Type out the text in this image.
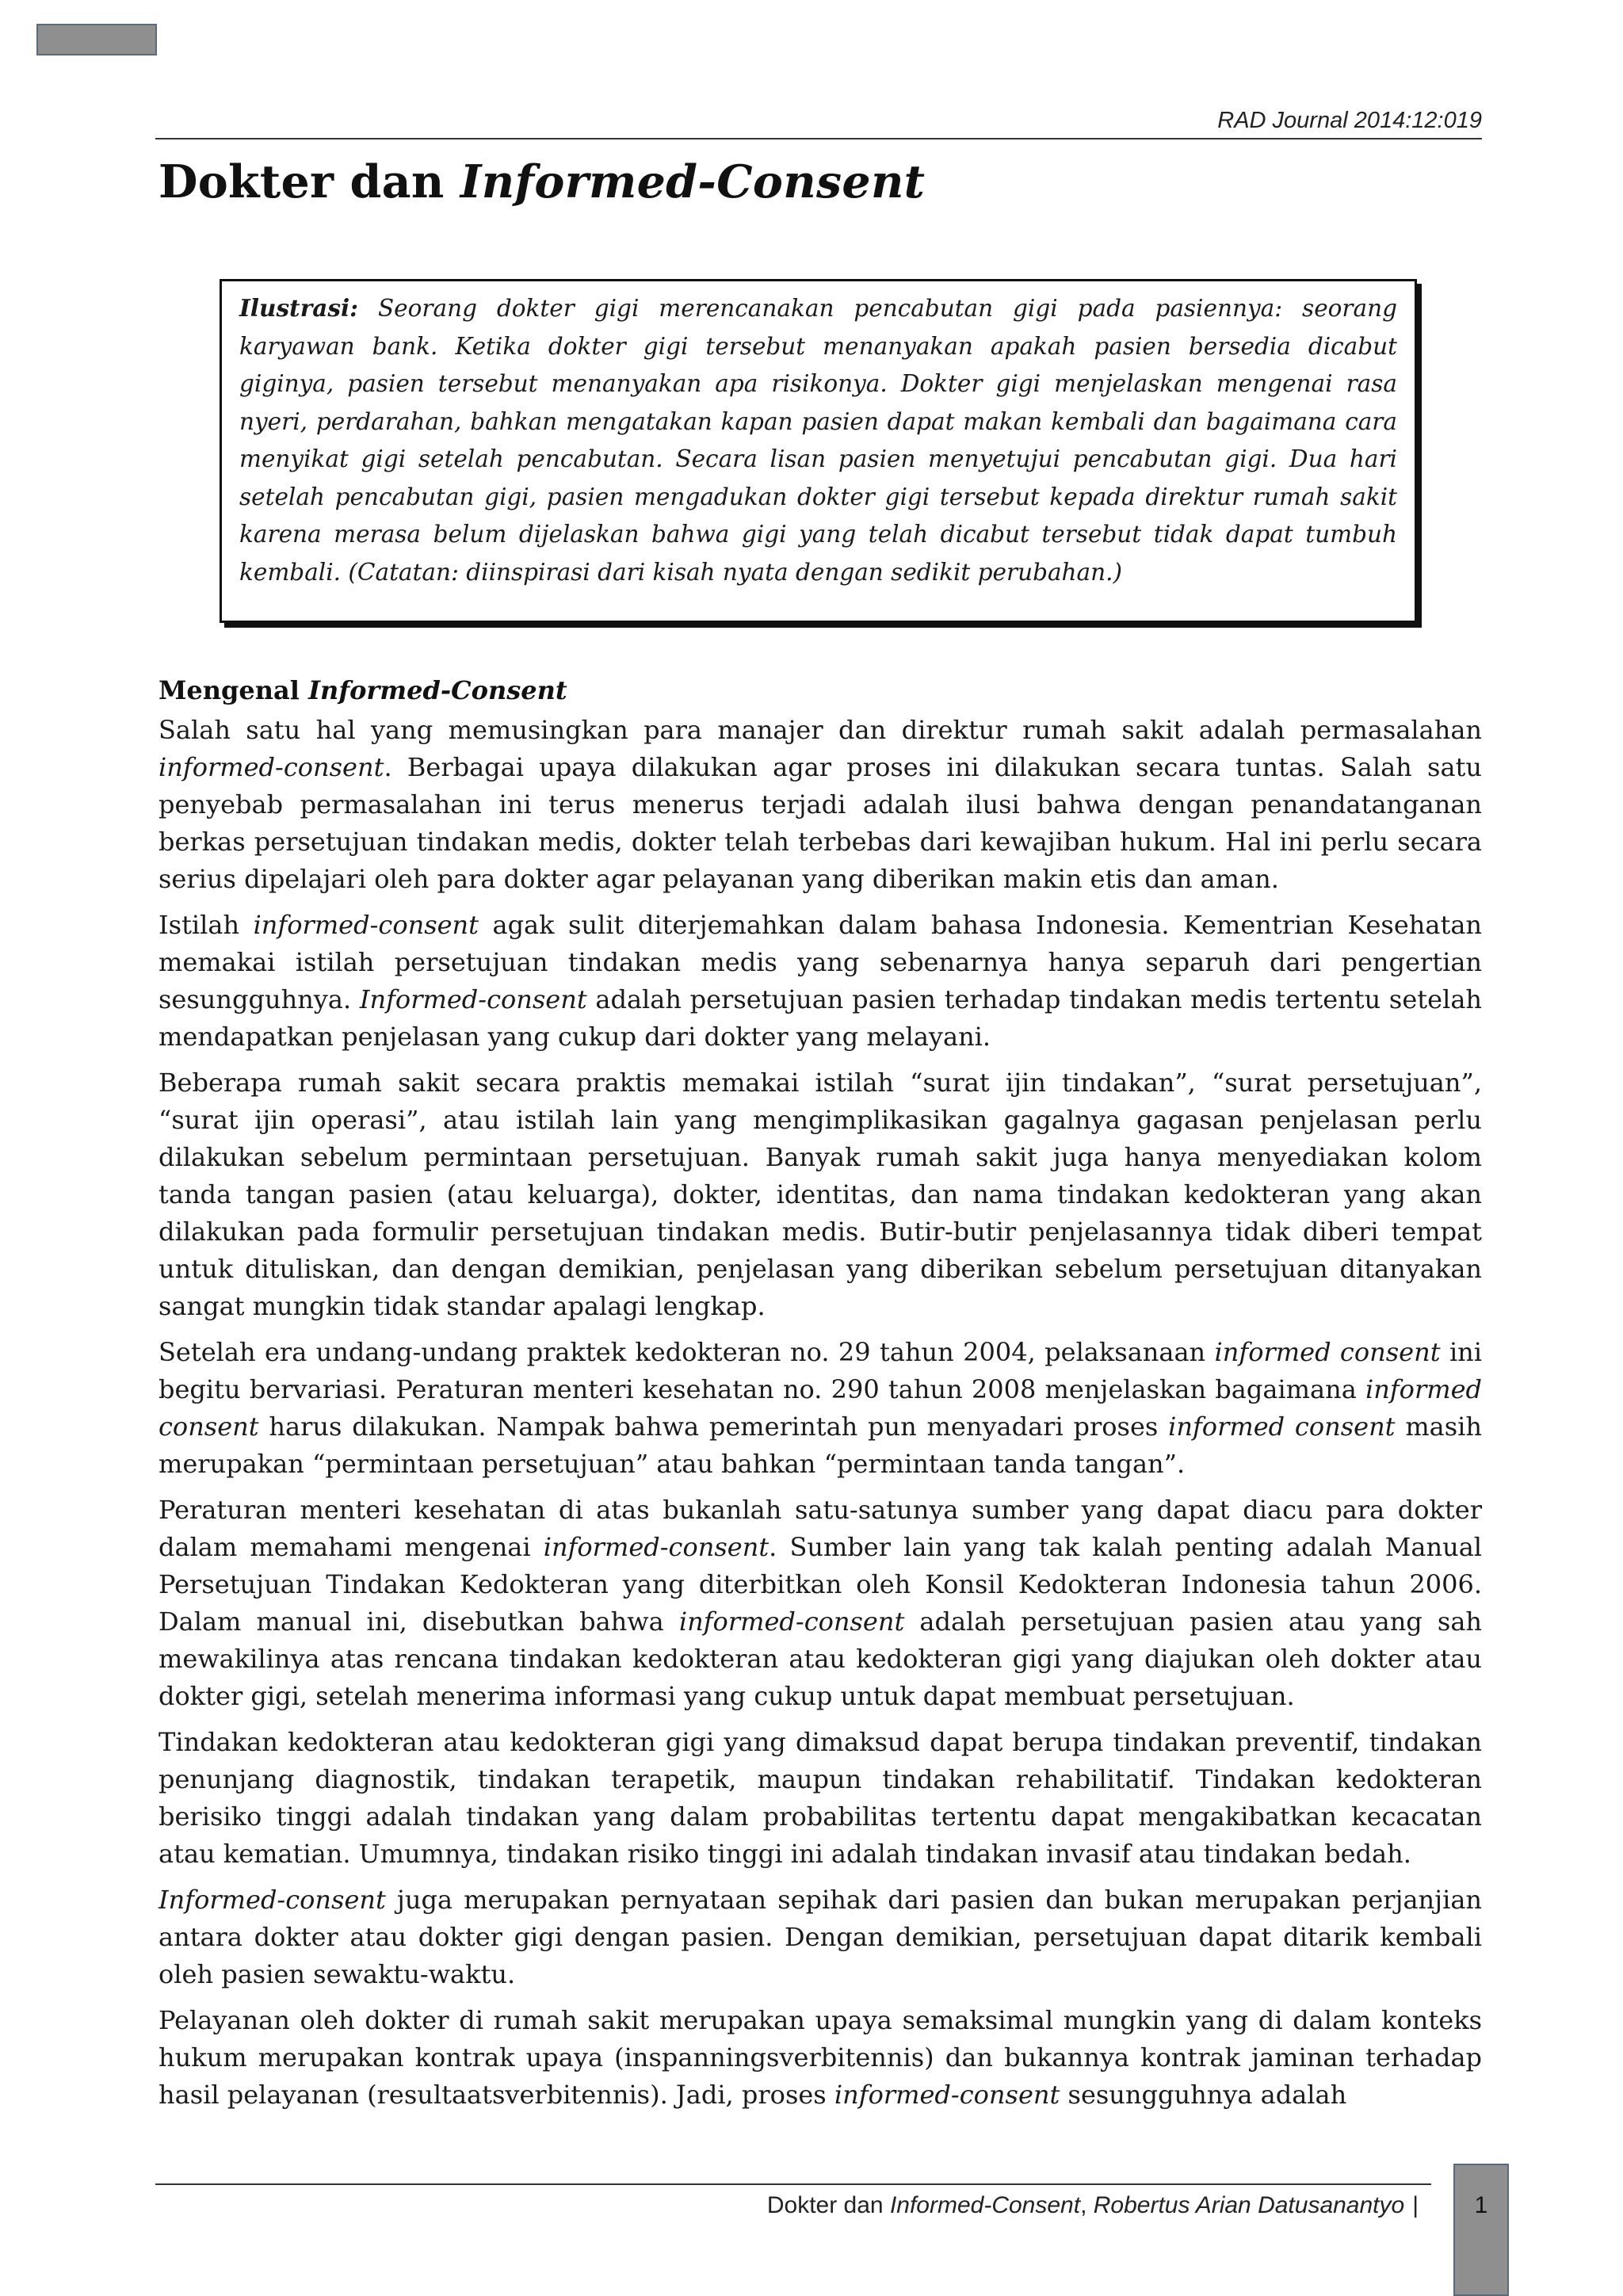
RAD Journal 2014:12:019
Dokter dan Informed-Consent

Ilustrasi: Seorang dokter gigi merencanakan pencabutan gigi pada pasiennya: seorang karyawan bank. Ketika dokter gigi tersebut menanyakan apakah pasien bersedia dicabut giginya, pasien tersebut menanyakan apa risikonya. Dokter gigi menjelaskan mengenai rasa nyeri, perdarahan, bahkan mengatakan kapan pasien dapat makan kembali dan bagaimana cara menyikat gigi setelah pencabutan. Secara lisan pasien menyetujui pencabutan gigi. Dua hari setelah pencabutan gigi, pasien mengadukan dokter gigi tersebut kepada direktur rumah sakit karena merasa belum dijelaskan bahwa gigi yang telah dicabut tersebut tidak dapat tumbuh kembali. (Catatan: diinspirasi dari kisah nyata dengan sedikit perubahan.)

Mengenal Informed-Consent

Salah satu hal yang memusingkan para manajer dan direktur rumah sakit adalah permasalahan informed-consent. Berbagai upaya dilakukan agar proses ini dilakukan secara tuntas. Salah satu penyebab permasalahan ini terus menerus terjadi adalah ilusi bahwa dengan penandatanganan berkas persetujuan tindakan medis, dokter telah terbebas dari kewajiban hukum. Hal ini perlu secara serius dipelajari oleh para dokter agar pelayanan yang diberikan makin etis dan aman.

Istilah informed-consent agak sulit diterjemahkan dalam bahasa Indonesia. Kementrian Kesehatan memakai istilah persetujuan tindakan medis yang sebenarnya hanya separuh dari pengertian sesungguhnya. Informed-consent adalah persetujuan pasien terhadap tindakan medis tertentu setelah mendapatkan penjelasan yang cukup dari dokter yang melayani.

Beberapa rumah sakit secara praktis memakai istilah “surat ijin tindakan”, “surat persetujuan”, “surat ijin operasi”, atau istilah lain yang mengimplikasikan gagalnya gagasan penjelasan perlu dilakukan sebelum permintaan persetujuan. Banyak rumah sakit juga hanya menyediakan kolom tanda tangan pasien (atau keluarga), dokter, identitas, dan nama tindakan kedokteran yang akan dilakukan pada formulir persetujuan tindakan medis. Butir-butir penjelasannya tidak diberi tempat untuk dituliskan, dan dengan demikian, penjelasan yang diberikan sebelum persetujuan ditanyakan sangat mungkin tidak standar apalagi lengkap.

Setelah era undang-undang praktek kedokteran no. 29 tahun 2004, pelaksanaan informed consent ini begitu bervariasi. Peraturan menteri kesehatan no. 290 tahun 2008 menjelaskan bagaimana informed consent harus dilakukan. Nampak bahwa pemerintah pun menyadari proses informed consent masih merupakan “permintaan persetujuan” atau bahkan “permintaan tanda tangan”.

Peraturan menteri kesehatan di atas bukanlah satu-satunya sumber yang dapat diacu para dokter dalam memahami mengenai informed-consent. Sumber lain yang tak kalah penting adalah Manual Persetujuan Tindakan Kedokteran yang diterbitkan oleh Konsil Kedokteran Indonesia tahun 2006. Dalam manual ini, disebutkan bahwa informed-consent adalah persetujuan pasien atau yang sah mewakilinya atas rencana tindakan kedokteran atau kedokteran gigi yang diajukan oleh dokter atau dokter gigi, setelah menerima informasi yang cukup untuk dapat membuat persetujuan.

Tindakan kedokteran atau kedokteran gigi yang dimaksud dapat berupa tindakan preventif, tindakan penunjang diagnostik, tindakan terapetik, maupun tindakan rehabilitatif. Tindakan kedokteran berisiko tinggi adalah tindakan yang dalam probabilitas tertentu dapat mengakibatkan kecacatan atau kematian. Umumnya, tindakan risiko tinggi ini adalah tindakan invasif atau tindakan bedah.

Informed-consent juga merupakan pernyataan sepihak dari pasien dan bukan merupakan perjanjian antara dokter atau dokter gigi dengan pasien. Dengan demikian, persetujuan dapat ditarik kembali oleh pasien sewaktu-waktu.

Pelayanan oleh dokter di rumah sakit merupakan upaya semaksimal mungkin yang di dalam konteks hukum merupakan kontrak upaya (inspanningsverbitennis) dan bukannya kontrak jaminan terhadap hasil pelayanan (resultaatsverbitennis). Jadi, proses informed-consent sesungguhnya adalah

Dokter dan Informed-Consent, Robertus Arian Datusanantyo |	1
